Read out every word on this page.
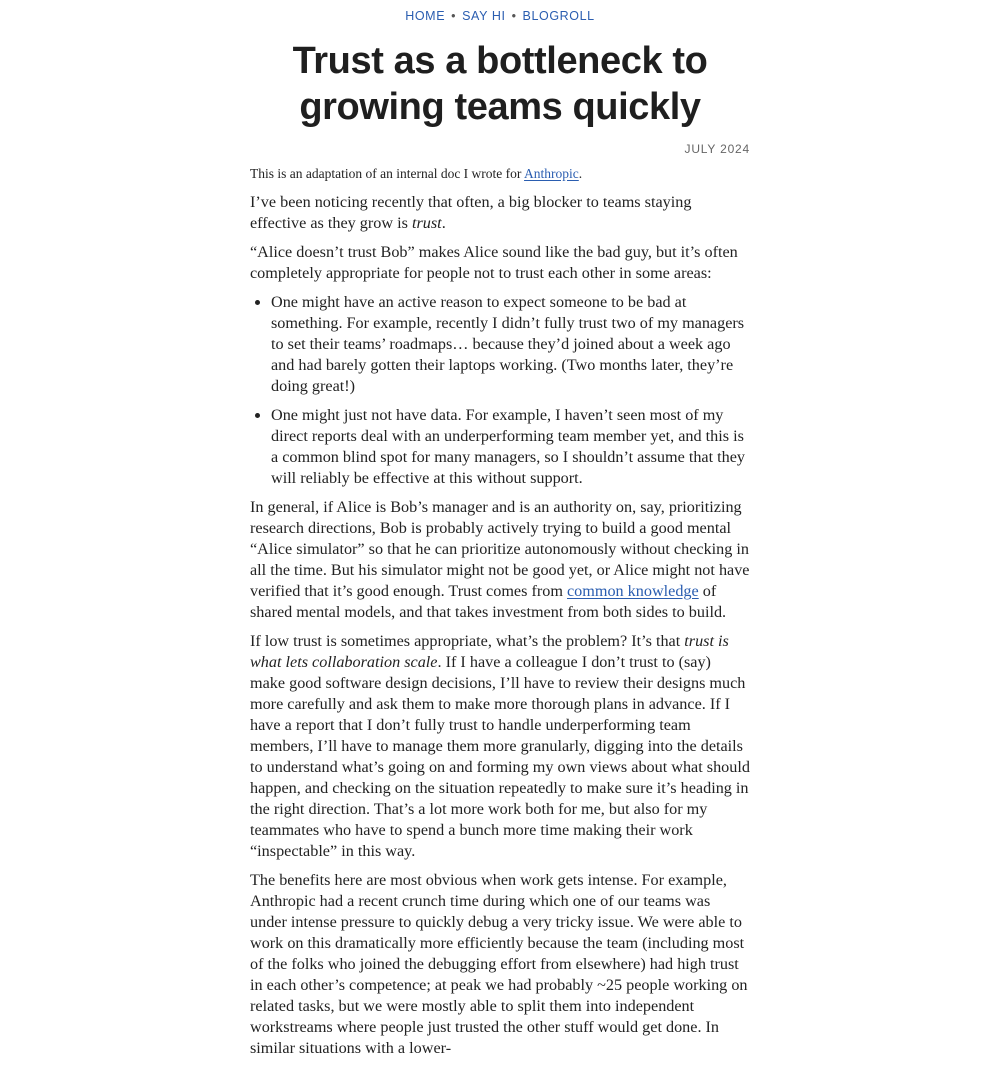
HOME • SAY HI • BLOGROLL
Trust as a bottleneck to
growing teams quickly
JULY 2024

This is an adaptation of an internal doc I wrote for Anthropic.

I’ve been noticing recently that often, a big blocker to teams staying effective as they grow is trust.

“Alice doesn’t trust Bob” makes Alice sound like the bad guy, but it’s often completely appropriate for people not to trust each other in some areas:

• One might have an active reason to expect someone to be bad at something. For example, recently I didn’t fully trust two of my managers to set their teams’ roadmaps… because they’d joined about a week ago and had barely gotten their laptops working. (Two months later, they’re doing great!)
• One might just not have data. For example, I haven’t seen most of my direct reports deal with an underperforming team member yet, and this is a common blind spot for many managers, so I shouldn’t assume that they will reliably be effective at this without support.

In general, if Alice is Bob’s manager and is an authority on, say, prioritizing research directions, Bob is probably actively trying to build a good mental “Alice simulator” so that he can prioritize autonomously without checking in all the time. But his simulator might not be good yet, or Alice might not have verified that it’s good enough. Trust comes from common knowledge of shared mental models, and that takes investment from both sides to build.

If low trust is sometimes appropriate, what’s the problem? It’s that trust is what lets collaboration scale. If I have a colleague I don’t trust to (say) make good software design decisions, I’ll have to review their designs much more carefully and ask them to make more thorough plans in advance. If I have a report that I don’t fully trust to handle underperforming team members, I’ll have to manage them more granularly, digging into the details to understand what’s going on and forming my own views about what should happen, and checking on the situation repeatedly to make sure it’s heading in the right direction. That’s a lot more work both for me, but also for my teammates who have to spend a bunch more time making their work “inspectable” in this way.

The benefits here are most obvious when work gets intense. For example, Anthropic had a recent crunch time during which one of our teams was under intense pressure to quickly debug a very tricky issue. We were able to work on this dramatically more efficiently because the team (including most of the folks who joined the debugging effort from elsewhere) had high trust in each other’s competence; at peak we had probably ~25 people working on related tasks, but we were mostly able to split them into independent workstreams where people just trusted the other stuff would get done. In similar situations with a lower-
